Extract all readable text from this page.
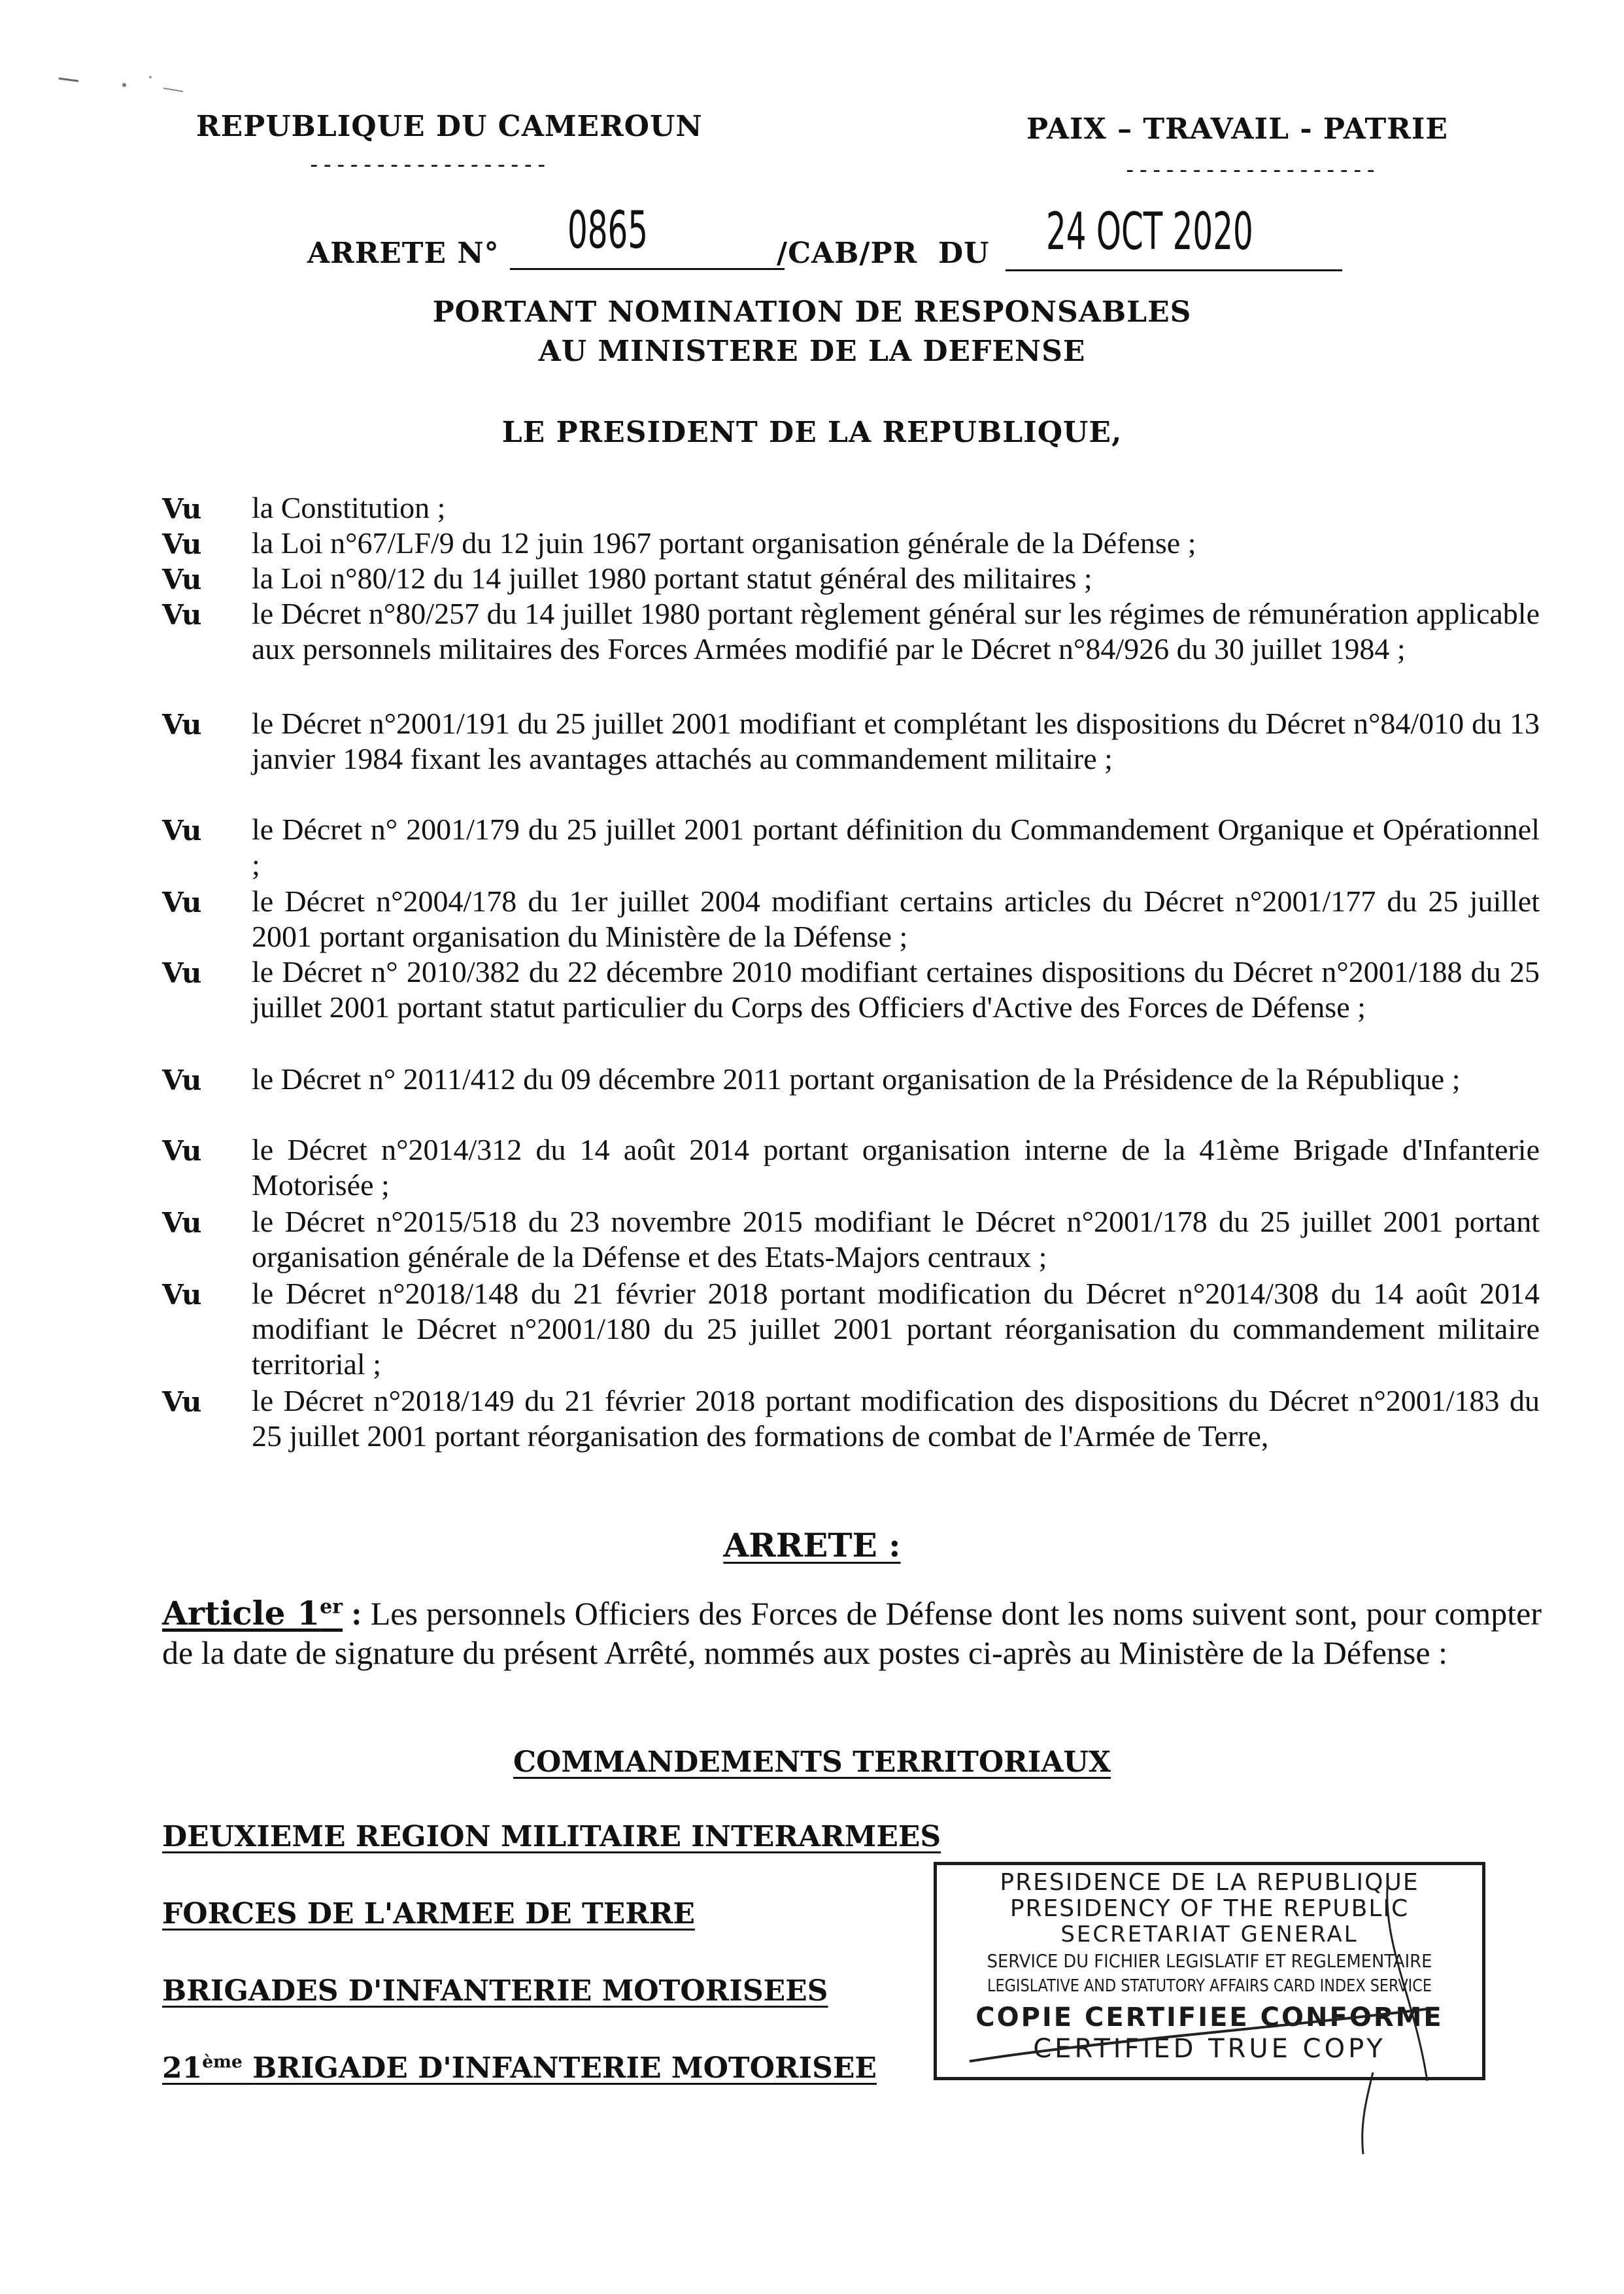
REPUBLIQUE DU CAMEROUN
------------------
PAIX – TRAVAIL - PATRIE
-------------------
ARRETE N° 0865	/CAB/PR DU 24 OCT 2020
PORTANT NOMINATION DE RESPONSABLES
AU MINISTERE DE LA DEFENSE
LE PRESIDENT DE LA REPUBLIQUE,
Vu la Constitution ;
Vu la Loi n°67/LF/9 du 12 juin 1967 portant organisation générale de la Défense ;
Vu la Loi n°80/12 du 14 juillet 1980 portant statut général des militaires ;
Vu le Décret n°80/257 du 14 juillet 1980 portant règlement général sur les régimes de rémunération applicable aux personnels militaires des Forces Armées modifié par le Décret n°84/926 du 30 juillet 1984 ;
Vu le Décret n°2001/191 du 25 juillet 2001 modifiant et complétant les dispositions du Décret n°84/010 du 13 janvier 1984 fixant les avantages attachés au commandement militaire ;
Vu le Décret n° 2001/179 du 25 juillet 2001 portant définition du Commandement Organique et Opérationnel ;
Vu le Décret n°2004/178 du 1er juillet 2004 modifiant certains articles du Décret n°2001/177 du 25 juillet 2001 portant organisation du Ministère de la Défense ;
Vu le Décret n° 2010/382 du 22 décembre 2010 modifiant certaines dispositions du Décret n°2001/188 du 25 juillet 2001 portant statut particulier du Corps des Officiers d'Active des Forces de Défense ;
Vu le Décret n° 2011/412 du 09 décembre 2011 portant organisation de la Présidence de la République ;
Vu le Décret n°2014/312 du 14 août 2014 portant organisation interne de la 41ème Brigade d'Infanterie Motorisée ;
Vu le Décret n°2015/518 du 23 novembre 2015 modifiant le Décret n°2001/178 du 25 juillet 2001 portant organisation générale de la Défense et des Etats-Majors centraux ;
Vu le Décret n°2018/148 du 21 février 2018 portant modification du Décret n°2014/308 du 14 août 2014 modifiant le Décret n°2001/180 du 25 juillet 2001 portant réorganisation du commandement militaire territorial ;
Vu le Décret n°2018/149 du 21 février 2018 portant modification des dispositions du Décret n°2001/183 du 25 juillet 2001 portant réorganisation des formations de combat de l'Armée de Terre,
ARRETE :
Article 1er : Les personnels Officiers des Forces de Défense dont les noms suivent sont, pour compter de la date de signature du présent Arrêté, nommés aux postes ci-après au Ministère de la Défense :
COMMANDEMENTS TERRITORIAUX
DEUXIEME REGION MILITAIRE INTERARMEES
FORCES DE L'ARMEE DE TERRE
BRIGADES D'INFANTERIE MOTORISEES
21ème BRIGADE D'INFANTERIE MOTORISEE
PRESIDENCE DE LA REPUBLIQUE
PRESIDENCY OF THE REPUBLIC
SECRETARIAT GENERAL
SERVICE DU FICHIER LEGISLATIF ET REGLEMENTAIRE
LEGISLATIVE AND STATUTORY AFFAIRS CARD INDEX SERVICE
COPIE CERTIFIEE CONFORME
CERTIFIED TRUE COPY
